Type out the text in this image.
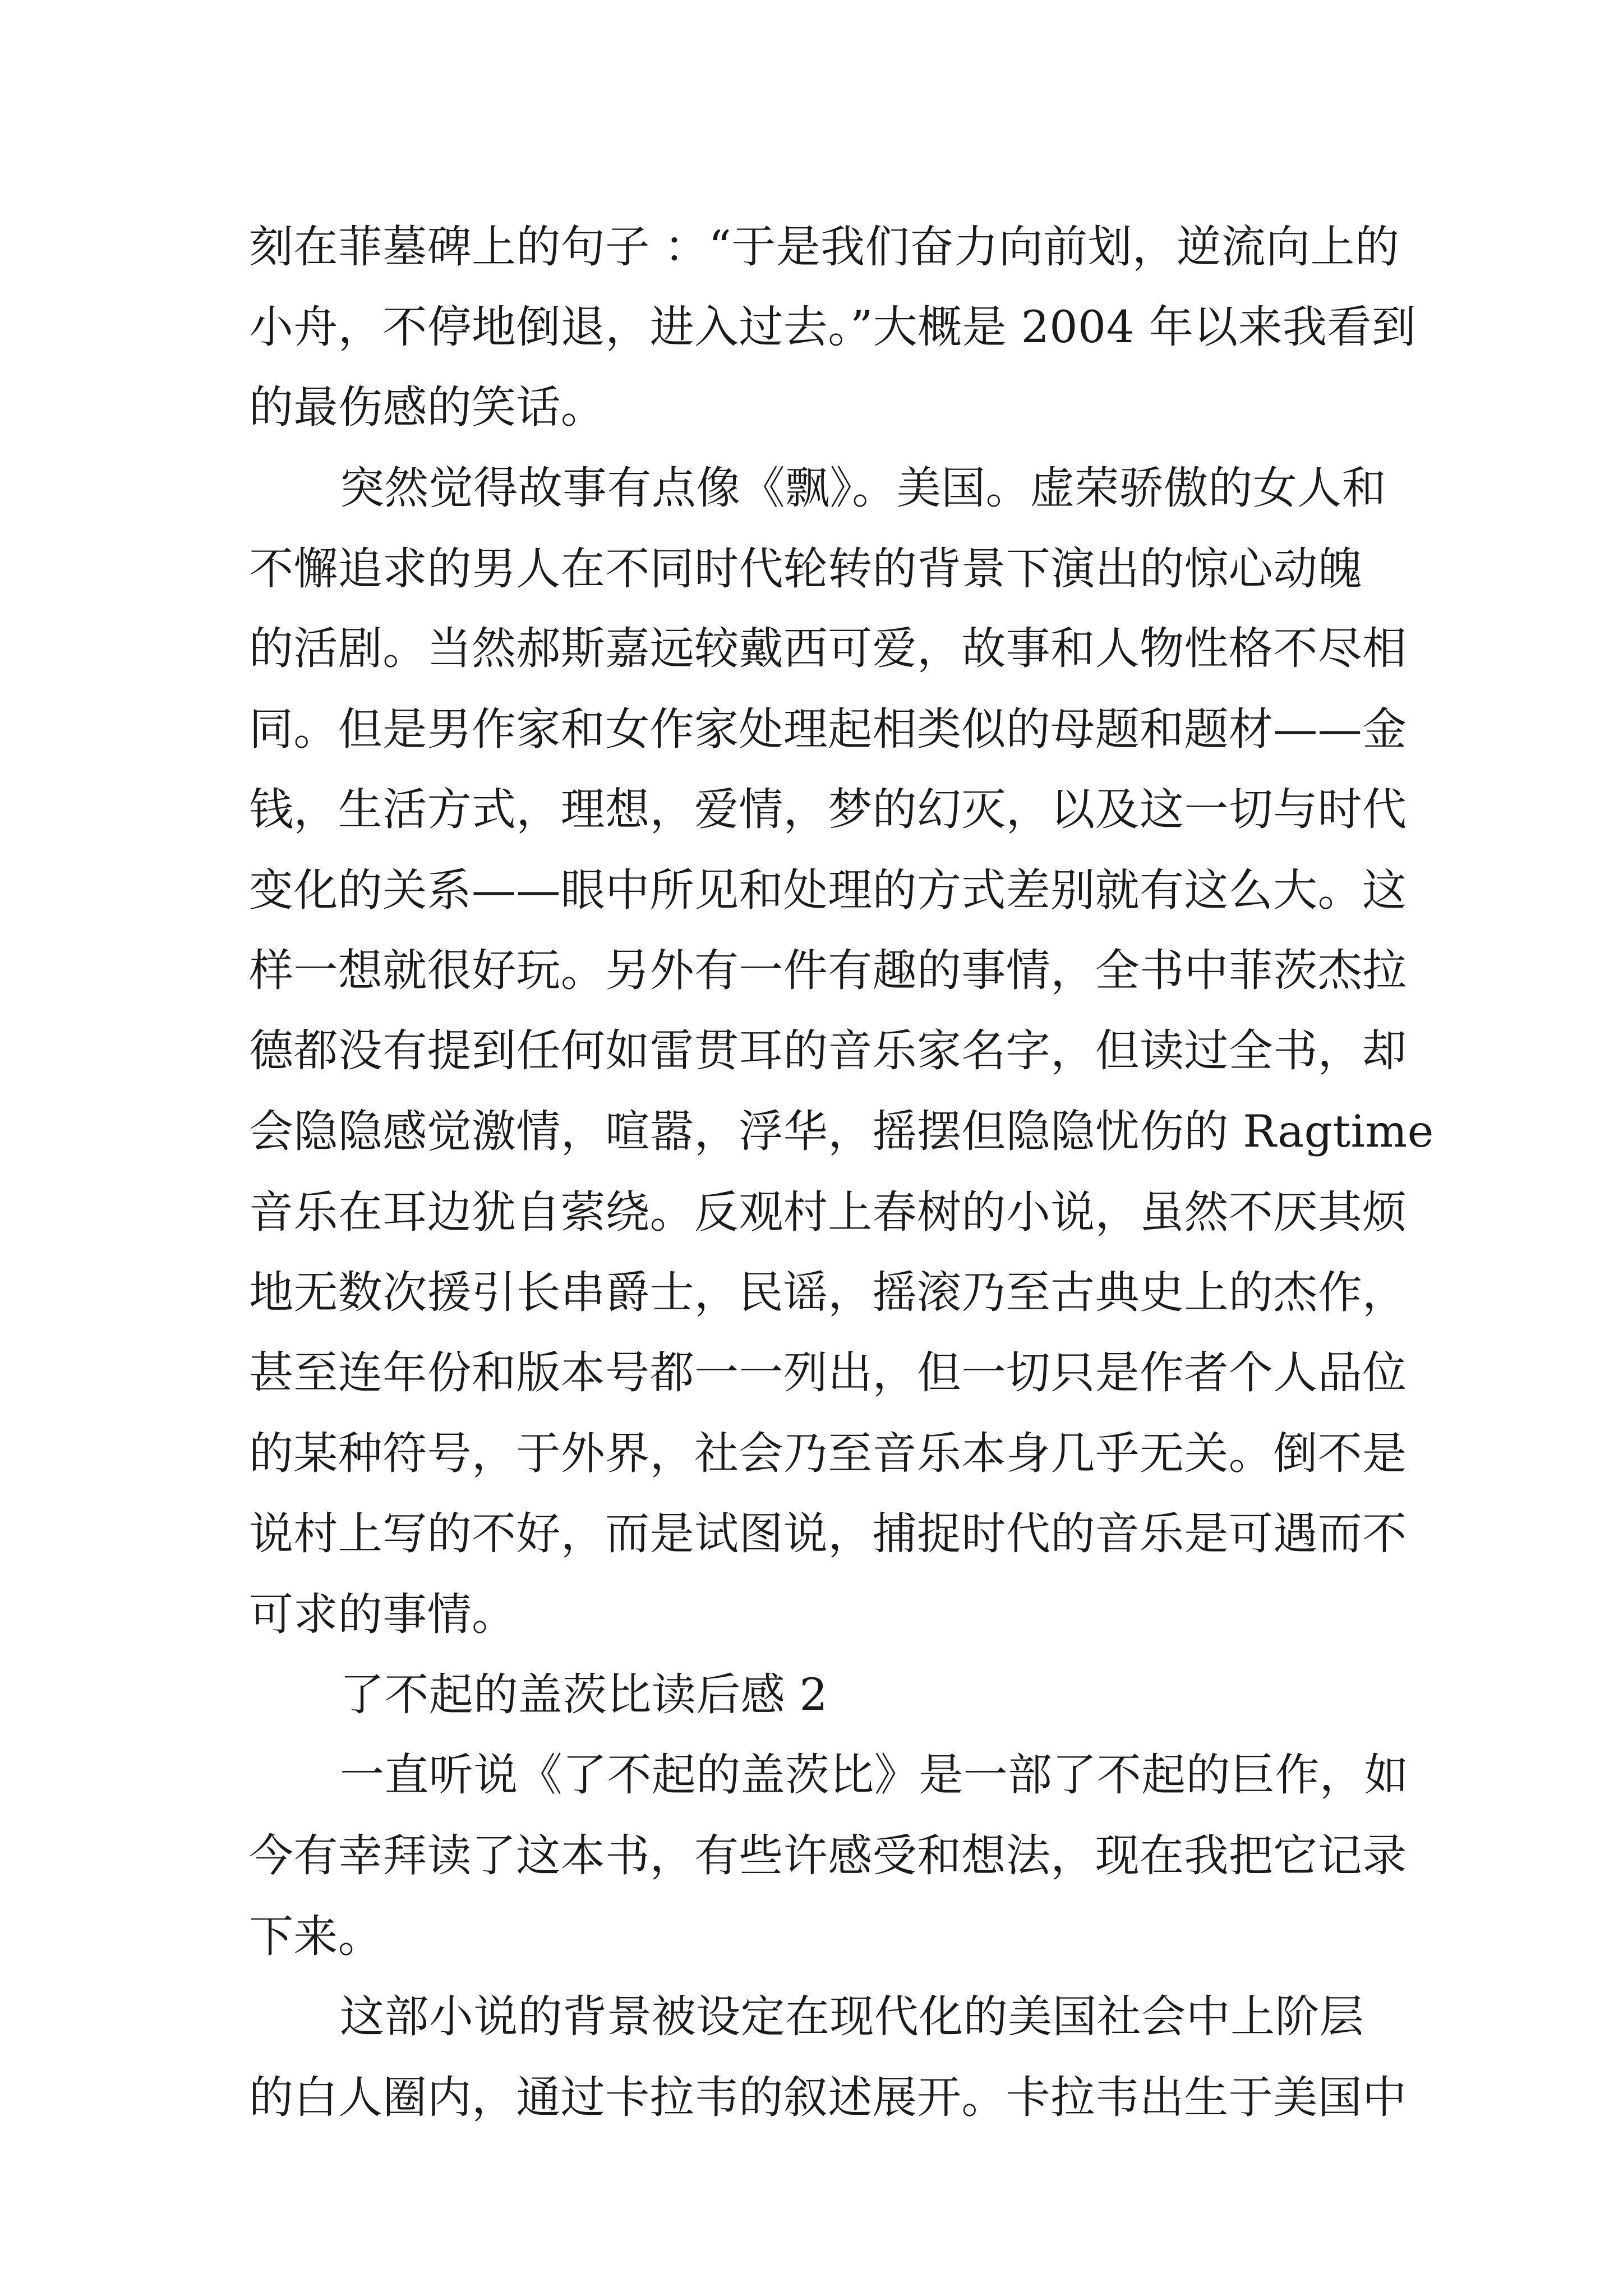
刻在菲墓碑上的句子 ：“于是我们奋力向前划，逆流向上的
小舟，不停地倒退，进入过去。”大概是 2004 年以来我看到
的最伤感的笑话。
突然觉得故事有点像《飘》。美国。虚荣骄傲的女人和
不懈追求的男人在不同时代轮转的背景下演出的惊心动魄
的活剧。当然郝斯嘉远较戴西可爱，故事和人物性格不尽相
同。但是男作家和女作家处理起相类似的母题和题材——金
钱，生活方式，理想，爱情，梦的幻灭，以及这一切与时代
变化的关系——眼中所见和处理的方式差别就有这么大。这
样一想就很好玩。另外有一件有趣的事情，全书中菲茨杰拉
德都没有提到任何如雷贯耳的音乐家名字，但读过全书，却
会隐隐感觉激情，喧嚣，浮华，摇摆但隐隐忧伤的 Ragtime
音乐在耳边犹自萦绕。反观村上春树的小说，虽然不厌其烦
地无数次援引长串爵士，民谣，摇滚乃至古典史上的杰作，
甚至连年份和版本号都一一列出，但一切只是作者个人品位
的某种符号，于外界，社会乃至音乐本身几乎无关。倒不是
说村上写的不好，而是试图说，捕捉时代的音乐是可遇而不
可求的事情。
了不起的盖茨比读后感 2
一直听说《了不起的盖茨比》是一部了不起的巨作，如
今有幸拜读了这本书，有些许感受和想法，现在我把它记录
下来。
这部小说的背景被设定在现代化的美国社会中上阶层
的白人圈内，通过卡拉韦的叙述展开。卡拉韦出生于美国中
